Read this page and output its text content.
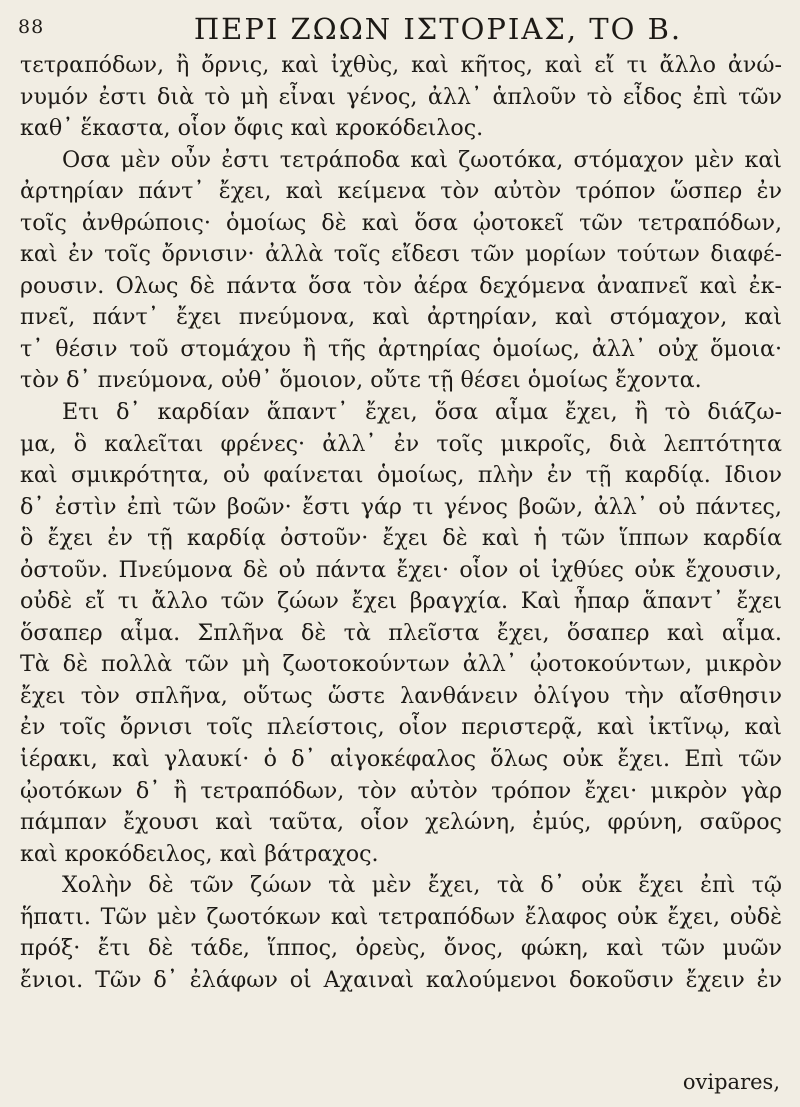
88	ΠΕΡΙ ΖΩΩΝ ΙΣΤΟΡΙΑΣ, ΤΟ Β.
τετραπόδων, ἢ ὄρνις, καὶ ἰχθὺς, καὶ κῆτος, καὶ εἴ τι ἄλλο ἀνώ-
νυμόν ἐστι διὰ τὸ μὴ εἶναι γένος, ἀλλ᾽ ἁπλοῦν τὸ εἶδος ἐπὶ τῶν
καθ᾽ ἕκαστα, οἷον ὄφις καὶ κροκόδειλος.
Οσα μὲν οὖν ἐστι τετράποδα καὶ ζωοτόκα, στόμαχον μὲν καὶ
ἀρτηρίαν πάντ᾽ ἔχει, καὶ κείμενα τὸν αὐτὸν τρόπον ὥσπερ ἐν
τοῖς ἀνθρώποις· ὁμοίως δὲ καὶ ὅσα ᾠοτοκεῖ τῶν τετραπόδων,
καὶ ἐν τοῖς ὄρνισιν· ἀλλὰ τοῖς εἴδεσι τῶν μορίων τούτων διαφέ-
ρουσιν. Ολως δὲ πάντα ὅσα τὸν ἀέρα δεχόμενα ἀναπνεῖ καὶ ἐκ-
πνεῖ, πάντ᾽ ἔχει πνεύμονα, καὶ ἀρτηρίαν, καὶ στόμαχον, καὶ
τ᾽ θέσιν τοῦ στομάχου ἢ τῆς ἀρτηρίας ὁμοίως, ἀλλ᾽ οὐχ ὅμοια·
τὸν δ᾽ πνεύμονα, οὐθ᾽ ὅμοιον, οὔτε τῇ θέσει ὁμοίως ἔχοντα.
Ετι δ᾽ καρδίαν ἅπαντ᾽ ἔχει, ὅσα αἷμα ἔχει, ἢ τὸ διάζω-
μα, ὃ καλεῖται φρένες· ἀλλ᾽ ἐν τοῖς μικροῖς, διὰ λεπτότητα
καὶ σμικρότητα, οὐ φαίνεται ὁμοίως, πλὴν ἐν τῇ καρδίᾳ. Ιδιον
δ᾽ ἐστὶν ἐπὶ τῶν βοῶν· ἔστι γάρ τι γένος βοῶν, ἀλλ᾽ οὐ πάντες,
ὃ ἔχει ἐν τῇ καρδίᾳ ὀστοῦν· ἔχει δὲ καὶ ἡ τῶν ἵππων καρδία
ὀστοῦν. Πνεύμονα δὲ οὐ πάντα ἔχει· οἷον οἱ ἰχθύες οὐκ ἔχουσιν,
οὐδὲ εἴ τι ἄλλο τῶν ζώων ἔχει βραγχία. Καὶ ἧπαρ ἅπαντ᾽ ἔχει
ὅσαπερ αἷμα. Σπλῆνα δὲ τὰ πλεῖστα ἔχει, ὅσαπερ καὶ αἷμα.
Τὰ δὲ πολλὰ τῶν μὴ ζωοτοκούντων ἀλλ᾽ ᾠοτοκούντων, μικρὸν
ἔχει τὸν σπλῆνα, οὕτως ὥστε λανθάνειν ὀλίγου τὴν αἴσθησιν
ἐν τοῖς ὄρνισι τοῖς πλείστοις, οἷον περιστερᾷ, καὶ ἰκτῖνῳ, καὶ
ἱέρακι, καὶ γλαυκί· ὁ δ᾽ αἰγοκέφαλος ὅλως οὐκ ἔχει. Επὶ τῶν
ᾠοτόκων δ᾽ ἢ τετραπόδων, τὸν αὐτὸν τρόπον ἔχει· μικρὸν γὰρ
πάμπαν ἔχουσι καὶ ταῦτα, οἷον χελώνη, ἐμύς, φρύνη, σαῦρος
καὶ κροκόδειλος, καὶ βάτραχος.
Χολὴν δὲ τῶν ζώων τὰ μὲν ἔχει, τὰ δ᾽ οὐκ ἔχει ἐπὶ τῷ
ἥπατι. Τῶν μὲν ζωοτόκων καὶ τετραπόδων ἔλαφος οὐκ ἔχει, οὐδὲ
πρόξ· ἔτι δὲ τάδε, ἵππος, ὀρεὺς, ὄνος, φώκη, καὶ τῶν μυῶν
ἔνιοι. Τῶν δ᾽ ἐλάφων οἱ Αχαιναὶ καλούμενοι δοκοῦσιν ἔχειν ἐν
ovipares,
